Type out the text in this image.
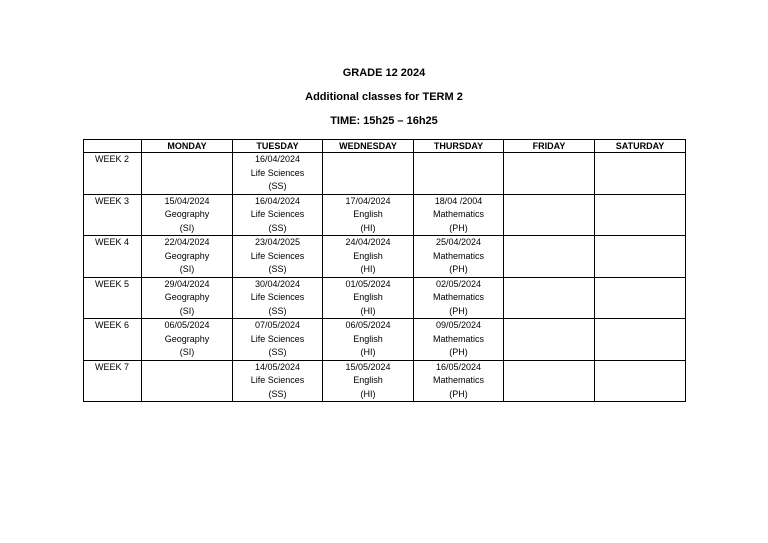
GRADE 12 2024
Additional classes for TERM 2
TIME: 15h25 – 16h25
	MONDAY	TUESDAY	WEDNESDAY	THURSDAY	FRIDAY	SATURDAY
WEEK 2		16/04/2024
Life Sciences
(SS)				

WEEK 3	15/04/2024
Geography
(SI)	16/04/2024
Life Sciences
(SS)	17/04/2024
English
(HI)	18/04 /2004
Mathematics
(PH)		

WEEK 4	22/04/2024
Geography
(SI)	23/04/2025
Life Sciences
(SS)	24/04/2024
English
(HI)	25/04/2024
Mathematics
(PH)		

WEEK 5	29/04/2024
Geography
(SI)	30/04/2024
Life Sciences
(SS)	01/05/2024
English
(HI)	02/05/2024
Mathematics
(PH)		

WEEK 6	06/05/2024
Geography
(SI)	07/05/2024
Life Sciences
(SS)	06/05/2024
English
(HI)	09/05/2024
Mathematics
(PH)		

WEEK 7		14/05/2024
Life Sciences
(SS)	15/05/2024
English
(HI)	16/05/2024
Mathematics
(PH)		
